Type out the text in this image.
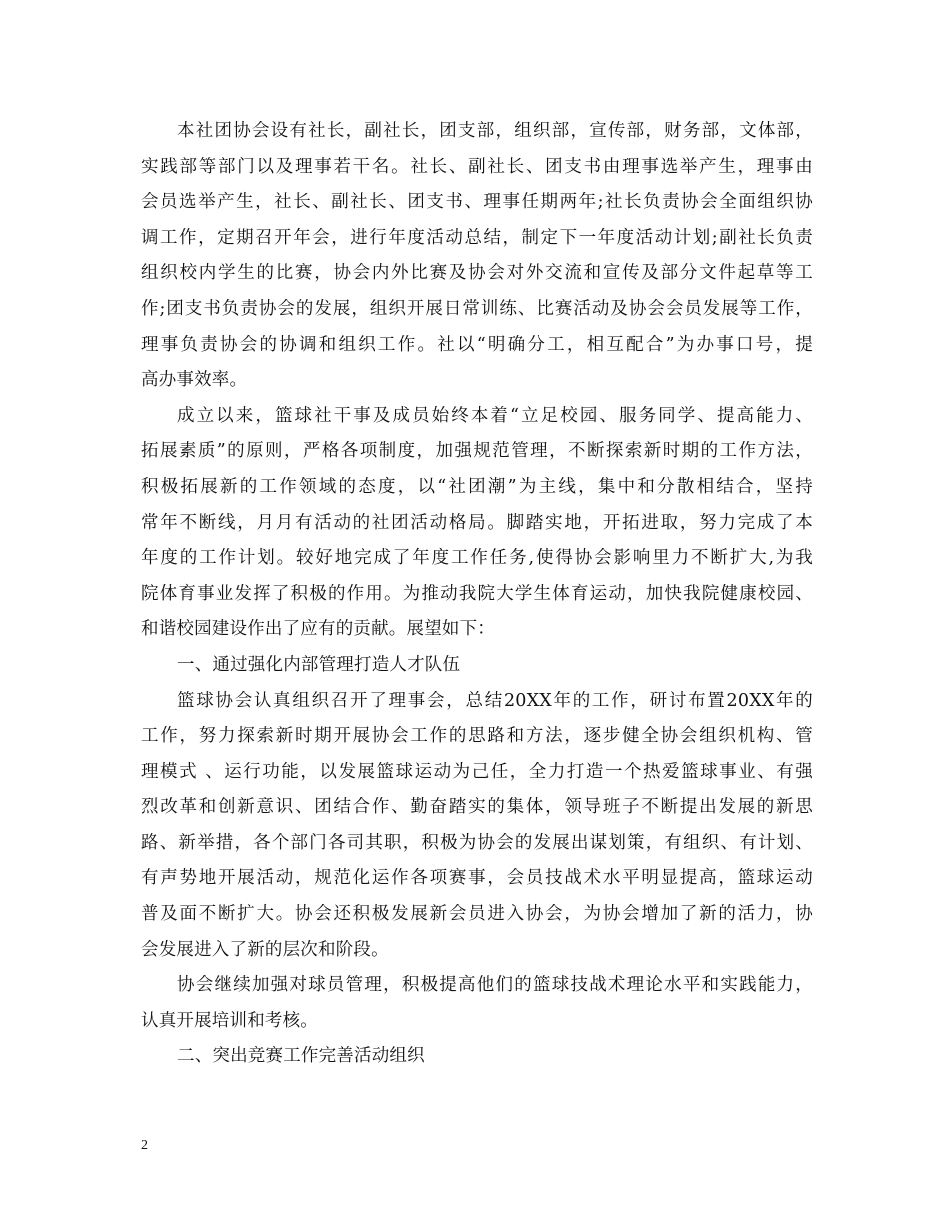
本社团协会设有社长，副社长，团支部，组织部，宣传部，财务部，文体部，
实践部等部门以及理事若干名。社长、副社长、团支书由理事选举产生，理事由
会员选举产生，社长、副社长、团支书、理事任期两年;社长负责协会全面组织协
调工作，定期召开年会，进行年度活动总结，制定下一年度活动计划;副社长负责
组织校内学生的比赛，协会内外比赛及协会对外交流和宣传及部分文件起草等工
作;团支书负责协会的发展，组织开展日常训练、比赛活动及协会会员发展等工作，
理事负责协会的协调和组织工作。社以“明确分工，相互配合”为办事口号，提
高办事效率。
成立以来，篮球社干事及成员始终本着“立足校园、服务同学、提高能力、
拓展素质”的原则，严格各项制度，加强规范管理，不断探索新时期的工作方法，
积极拓展新的工作领域的态度，以“社团潮”为主线，集中和分散相结合，坚持
常年不断线，月月有活动的社团活动格局。脚踏实地，开拓进取，努力完成了本
年度的工作计划。较好地完成了年度工作任务,使得协会影响里力不断扩大,为我
院体育事业发挥了积极的作用。为推动我院大学生体育运动，加快我院健康校园、
和谐校园建设作出了应有的贡献。展望如下：
一、通过强化内部管理打造人才队伍
篮球协会认真组织召开了理事会，总结20XX年的工作，研讨布置20XX年的
工作，努力探索新时期开展协会工作的思路和方法，逐步健全协会组织机构、管
理模式 、运行功能，以发展篮球运动为己任，全力打造一个热爱篮球事业、有强
烈改革和创新意识、团结合作、勤奋踏实的集体，领导班子不断提出发展的新思
路、新举措，各个部门各司其职，积极为协会的发展出谋划策，有组织、有计划、
有声势地开展活动，规范化运作各项赛事，会员技战术水平明显提高，篮球运动
普及面不断扩大。协会还积极发展新会员进入协会，为协会增加了新的活力，协
会发展进入了新的层次和阶段。
协会继续加强对球员管理，积极提高他们的篮球技战术理论水平和实践能力，
认真开展培训和考核。
二、突出竞赛工作完善活动组织
2
